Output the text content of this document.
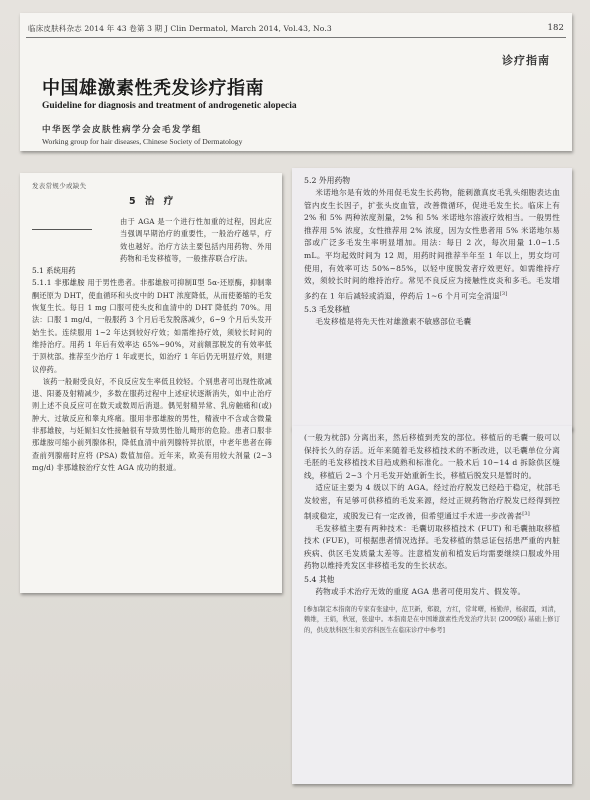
临床皮肤科杂志 2014 年 43 卷第 3 期 J Clin Dermatol, March 2014, Vol.43, No.3	182
诊疗指南
中国雄激素性秃发诊疗指南
Guideline for diagnosis and treatment of androgenetic alopecia
中华医学会皮肤性病学分会毛发学组
Working group for hair diseases, Chinese Society of Dermatology
发表常规少或缺失
5 治 疗

由于 AGA 是一个进行性加重的过程，因此应当强调早期治疗的重要性，一般治疗越早，疗效也越好。治疗方法主要包括内用药物、外用药物和毛发移植等，一般推荐联合疗法。

5.1 系统用药

5.1.1 非那雄胺 用于男性患者。非那雄胺可抑制Ⅱ型 5α-还原酶，抑制睾酮还原为 DHT，使血循环和头皮中的 DHT 浓度降低，从而使萎缩的毛发恢复生长。每日 1 mg 口服可使头皮和血清中的 DHT 降低约 70%。用法：口服 1 mg/d，一般服药 3 个月后毛发脱落减少，6~9 个月后头发开始生长。连续服用 1~2 年达到较好疗效；如需维持疗效，须较长时间的维持治疗。用药 1 年后有效率达 65%~90%，对前额部脱发的有效率低于顶枕部。推荐至少治疗 1 年或更长，如治疗 1 年后仍无明显疗效，则建议停药。

该药一般耐受良好，不良反应发生率低且较轻。个别患者可出现性欲减退、阳萎及射精减少，多数在服药过程中上述症状逐渐消失，如中止治疗则上述不良反应可在数天或数周后消退。偶见射精异常、乳房触痛和(或)肿大、过敏反应和睾丸疼痛。服用非那雄胺的男性，精液中不含或含微量非那雄胺，与妊娠妇女性接触很有导致男性胎儿畸形的危险。患者口服非那雄胺可缩小前列腺体积，降低血清中前列腺特异抗原，中老年患者在筛查前列腺癌时应将 (PSA) 数值加倍。近年来，欧美有用较大剂量 (2~3 mg/d) 非那雄胺治疗女性 AGA 成功的报道。

5.2 外用药物

米诺地尔是有效的外用促毛发生长药物，能刺激真皮毛乳头细胞表达血管内皮生长因子，扩张头皮血管，改善微循环，促进毛发生长。临床上有 2% 和 5% 两种浓度剂量，2% 和 5% 米诺地尔溶液疗效相当。一般男性推荐用 5% 浓度，女性推荐用 2% 浓度，因为女性患者用 5% 米诺地尔易部或广泛多毛发生率明显增加。用法：每日 2 次，每次用量 1.0~1.5 mL。平均起效时间为 12 周，用药时间推荐半年至 1 年以上，男女均可使用，有效率可达 50%~85%，以轻中度脱发者疗效更好。如需维持疗效，须较长时间的维持治疗。常见不良反应为接触性皮炎和多毛。毛发增多约在 1 年后减轻或消退，停药后 1~6 个月可完全消退[3]

5.3 毛发移植

毛发移植是将先天性对雄激素不敏感部位毛囊

(一般为枕部) 分离出来，然后移植到秃发的部位。移植后的毛囊一般可以保持长久的存活。近年来随着毛发移植技术的不断改进，以毛囊单位分离毛胚的毛发移植技术目趋成熟和标准化。一般术后 10~14 d 拆除供区缝线，移植后 2~3 个月毛发开始重新生长，移植后脱发只是暂时的。

适应证主要为 4 级以下的 AGA。经过治疗脱发已经趋于稳定，枕部毛发较密，有足够可供移植的毛发来源，经过正规药物治疗脱发已经得到控制或稳定，或脱发已有一定改善，但希望通过手术进一步改善者[3]

毛发移植主要有两种技术：毛囊切取移植技术 (FUT) 和毛囊抽取移植技术 (FUE)，可根据患者情况选择。毛发移植的禁忌证包括患严重的内脏疾病、供区毛发质量太差等。注意植发前和植发后均需要继续口服或外用药物以维持秃发区非移植毛发的生长状态。

5.4 其他

药物或手术治疗无效的重度 AGA 患者可使用发片、假发等。

[参加制定本指南的专家有张建中，范卫新，郑毅，方红，常茸曙，杨勤萍，杨淑霞，刘清，赖维，王娟，秋冠，张建中。本指南是在中国雄激素性秃发治疗共识 (2009版) 基础上修订的，供皮肤科医生和美容科医生在临床诊疗中参考]
